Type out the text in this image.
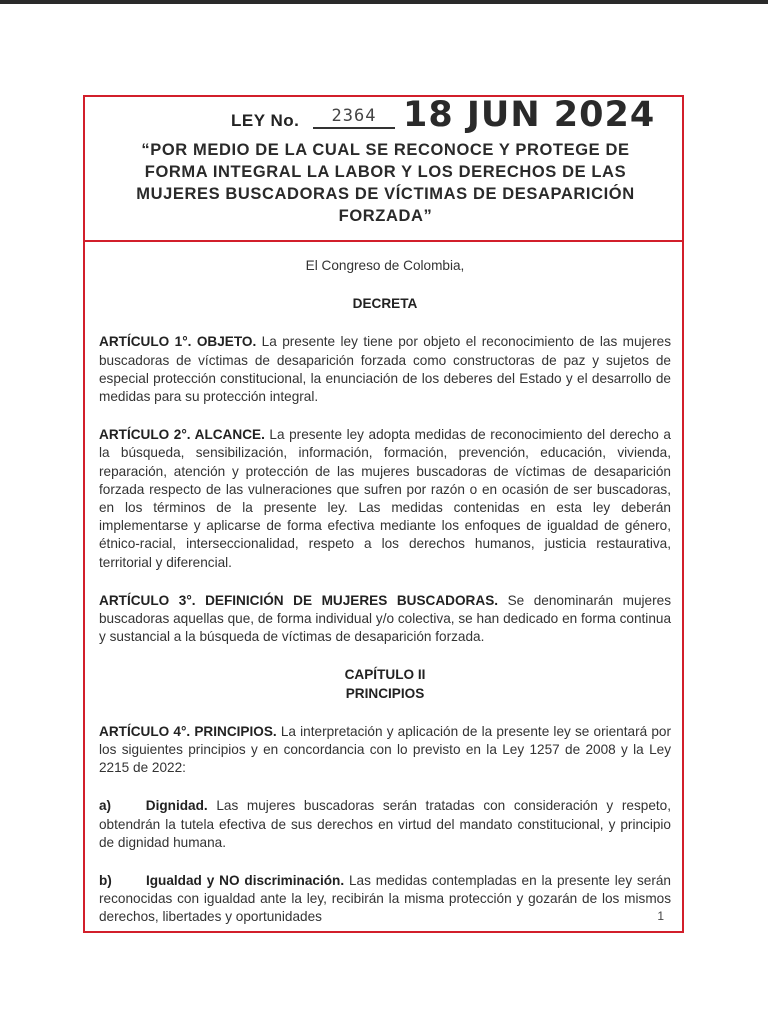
LEY No.	2364 18 JUN 2024
“POR MEDIO DE LA CUAL SE RECONOCE Y PROTEGE DE FORMA INTEGRAL LA LABOR Y LOS DERECHOS DE LAS MUJERES BUSCADORAS DE VÍCTIMAS DE DESAPARICIÓN FORZADA”
El Congreso de Colombia,
DECRETA

ARTÍCULO 1°. OBJETO. La presente ley tiene por objeto el reconocimiento de las mujeres buscadoras de víctimas de desaparición forzada como constructoras de paz y sujetos de especial protección constitucional, la enunciación de los deberes del Estado y el desarrollo de medidas para su protección integral.

ARTÍCULO 2°. ALCANCE. La presente ley adopta medidas de reconocimiento del derecho a la búsqueda, sensibilización, información, formación, prevención, educación, vivienda, reparación, atención y protección de las mujeres buscadoras de víctimas de desaparición forzada respecto de las vulneraciones que sufren por razón o en ocasión de ser buscadoras, en los términos de la presente ley. Las medidas contenidas en esta ley deberán implementarse y aplicarse de forma efectiva mediante los enfoques de igualdad de género, étnico-racial, interseccionalidad, respeto a los derechos humanos, justicia restaurativa, territorial y diferencial.

ARTÍCULO 3°. DEFINICIÓN DE MUJERES BUSCADORAS. Se denominarán mujeres buscadoras aquellas que, de forma individual y/o colectiva, se han dedicado en forma continua y sustancial a la búsqueda de víctimas de desaparición forzada.

CAPÍTULO II
PRINCIPIOS

ARTÍCULO 4°. PRINCIPIOS. La interpretación y aplicación de la presente ley se orientará por los siguientes principios y en concordancia con lo previsto en la Ley 1257 de 2008 y la Ley 2215 de 2022:

a)	Dignidad. Las mujeres buscadoras serán tratadas con consideración y respeto, obtendrán la tutela efectiva de sus derechos en virtud del mandato constitucional, y principio de dignidad humana.

b)	Igualdad y NO discriminación. Las medidas contempladas en la presente ley serán reconocidas con igualdad ante la ley, recibirán la misma protección y gozarán de los mismos derechos, libertades y oportunidades	1
